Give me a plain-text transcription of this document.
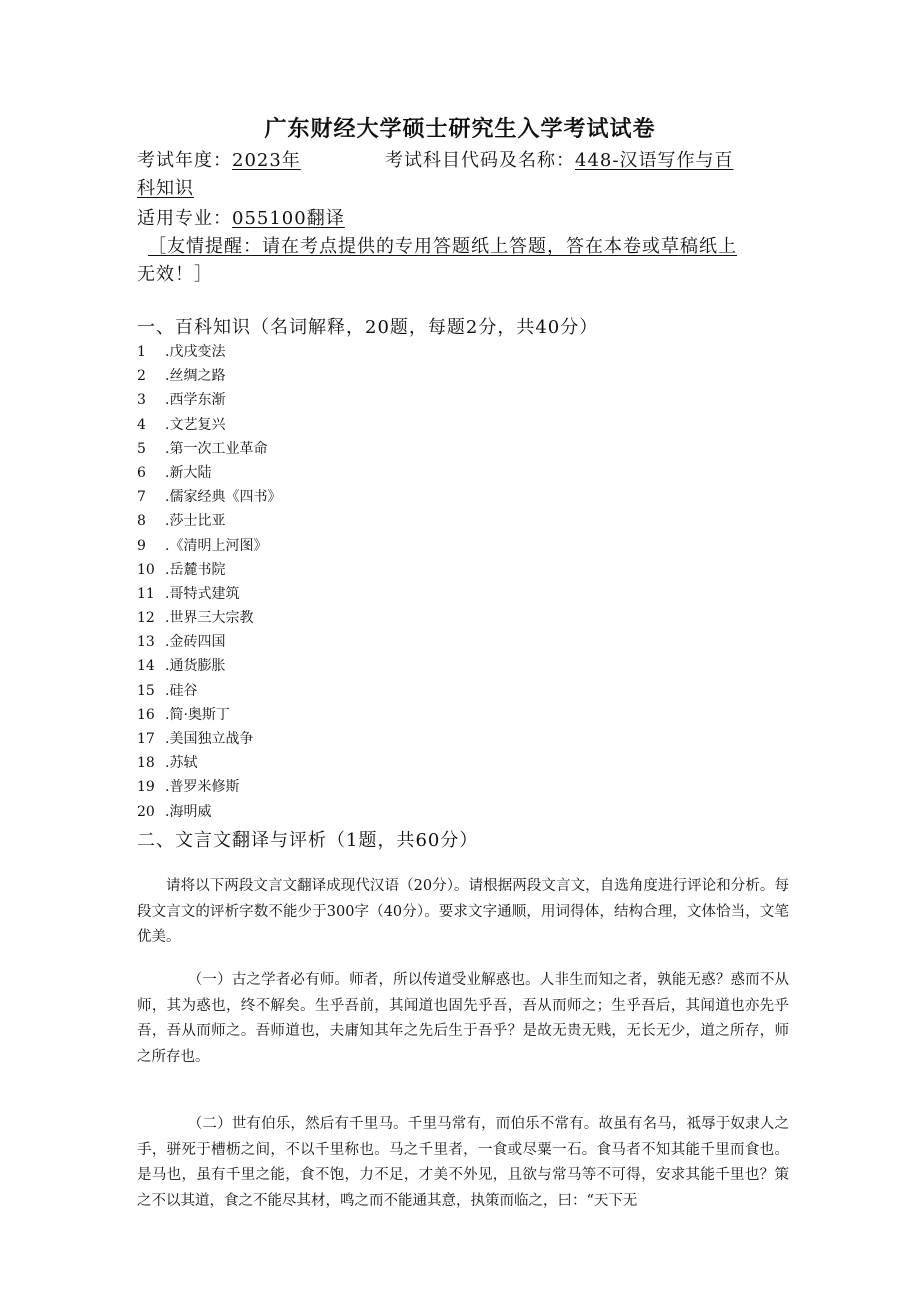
广东财经大学硕士研究生入学考试试卷
考试年度：2023年	考试科目代码及名称：448-汉语写作与百
科知识
适用专业：055100翻译
［友情提醒：请在考点提供的专用答题纸上答题，答在本卷或草稿纸上
无效！］
一、百科知识（名词解释，20题，每题2分，共40分）
1 .戊戌变法
2 .丝绸之路
3 .西学东渐
4 .文艺复兴
5 .第一次工业革命
6 .新大陆
7 .儒家经典《四书》
8 .莎士比亚
9 .《清明上河图》
10 .岳麓书院
11 .哥特式建筑
12 .世界三大宗教
13 .金砖四国
14 .通货膨胀
15 .硅谷
16 .简·奥斯丁
17 .美国独立战争
18 .苏轼
19 .普罗米修斯
20 .海明威
二、文言文翻译与评析（1题，共60分）

请将以下两段文言文翻译成现代汉语（20分）。请根据两段文言文，自选角度进行评论和分析。每段文言文的评析字数不能少于300字（40分）。要求文字通顺，用词得体，结构合理，文体恰当，文笔优美。

（一）古之学者必有师。师者，所以传道受业解惑也。人非生而知之者，孰能无惑？惑而不从师，其为惑也，终不解矣。生乎吾前，其闻道也固先乎吾，吾从而师之；生乎吾后，其闻道也亦先乎吾，吾从而师之。吾师道也，夫庸知其年之先后生于吾乎？是故无贵无贱，无长无少，道之所存，师之所存也。

（二）世有伯乐，然后有千里马。千里马常有，而伯乐不常有。故虽有名马，祗辱于奴隶人之手，骈死于槽枥之间，不以千里称也。马之千里者，一食或尽粟一石。食马者不知其能千里而食也。是马也，虽有千里之能，食不饱，力不足，才美不外见，且欲与常马等不可得，安求其能千里也？策之不以其道，食之不能尽其材，鸣之而不能通其意，执策而临之，曰：“天下无
